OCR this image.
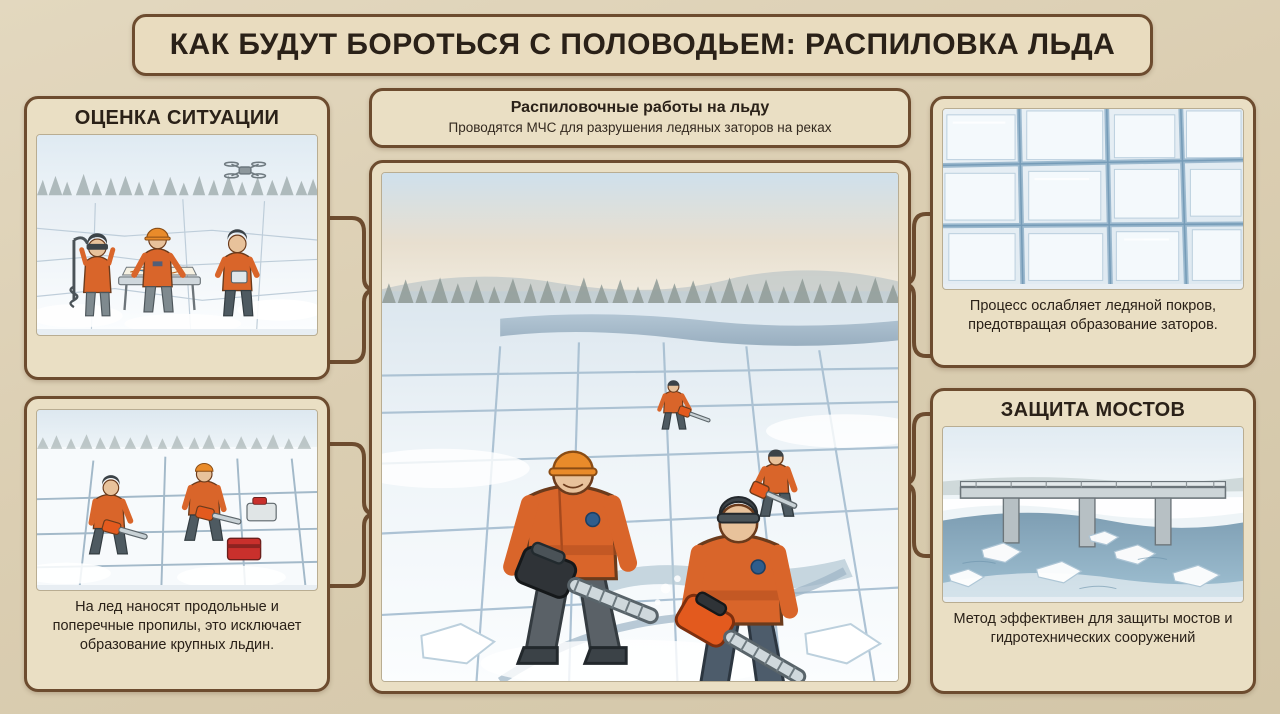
КАК БУДУТ БОРОТЬСЯ С ПОЛОВОДЬЕМ: РАСПИЛОВКА ЛЬДА
ОЦЕНКА СИТУАЦИИ
На лед наносят продольные и поперечные пропилы, это исключает образование крупных льдин.
Распиловочные работы на льду
Проводятся МЧС для разрушения ледяных заторов на реках
Процесс ослабляет ледяной покров, предотвращая образование заторов.
ЗАЩИТА МОСТОВ
Метод эффективен для защиты мостов и гидротехнических сооружений
